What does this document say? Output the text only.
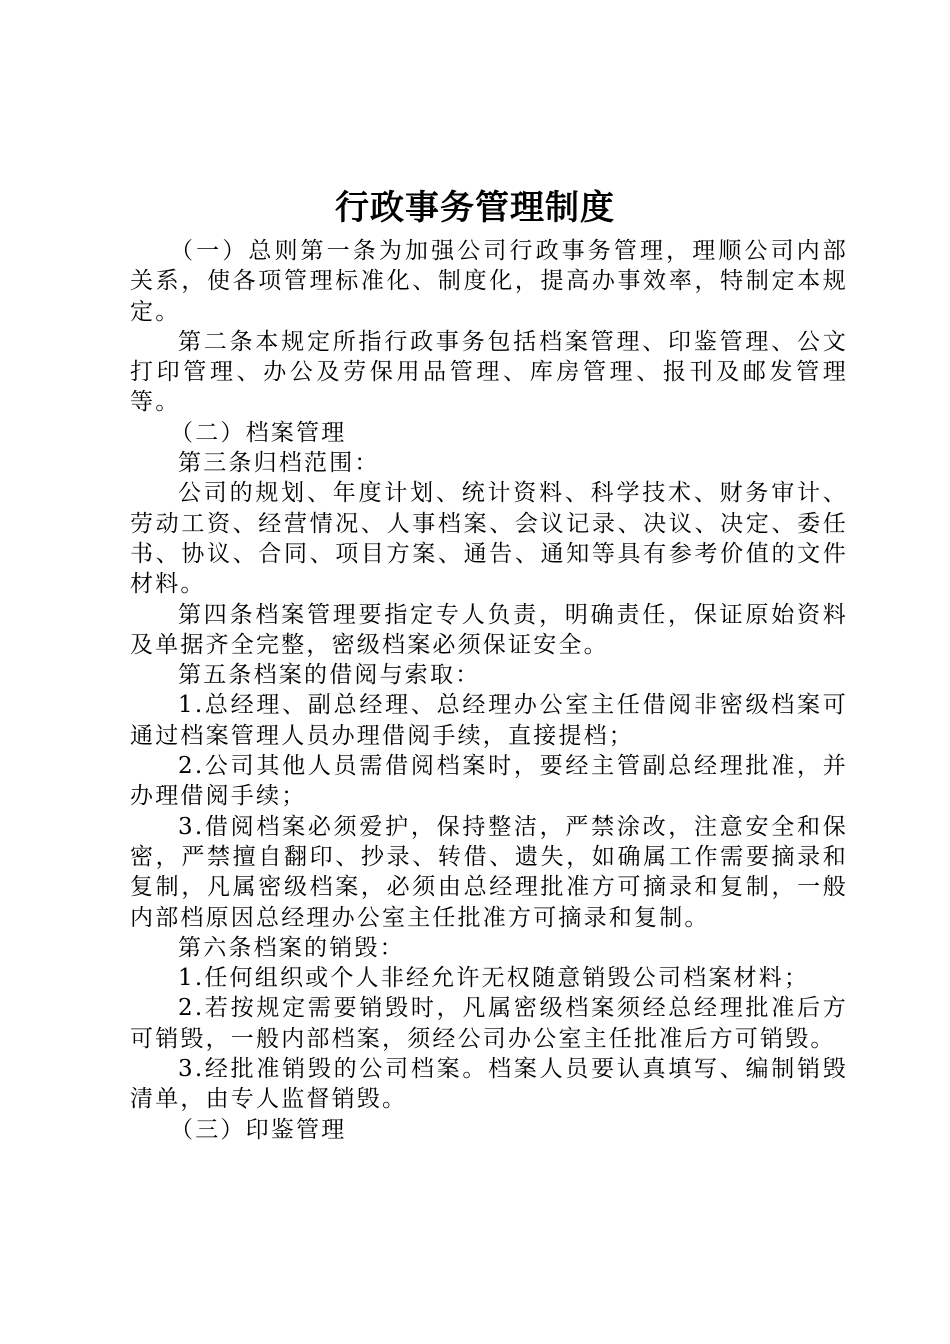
行政事务管理制度

（一）总则第一条为加强公司行政事务管理，理顺公司内部关系，使各项管理标准化、制度化，提高办事效率，特制定本规定。

第二条本规定所指行政事务包括档案管理、印鉴管理、公文打印管理、办公及劳保用品管理、库房管理、报刊及邮发管理等。

（二）档案管理

第三条归档范围：

公司的规划、年度计划、统计资料、科学技术、财务审计、劳动工资、经营情况、人事档案、会议记录、决议、决定、委任书、协议、合同、项目方案、通告、通知等具有参考价值的文件材料。

第四条档案管理要指定专人负责，明确责任，保证原始资料及单据齐全完整，密级档案必须保证安全。

第五条档案的借阅与索取：

1.总经理、副总经理、总经理办公室主任借阅非密级档案可通过档案管理人员办理借阅手续，直接提档；

2.公司其他人员需借阅档案时，要经主管副总经理批准，并办理借阅手续；

3.借阅档案必须爱护，保持整洁，严禁涂改，注意安全和保密，严禁擅自翻印、抄录、转借、遗失，如确属工作需要摘录和复制，凡属密级档案，必须由总经理批准方可摘录和复制，一般内部档原因总经理办公室主任批准方可摘录和复制。

第六条档案的销毁：

1.任何组织或个人非经允许无权随意销毁公司档案材料；

2.若按规定需要销毁时，凡属密级档案须经总经理批准后方可销毁，一般内部档案，须经公司办公室主任批准后方可销毁。

3.经批准销毁的公司档案。档案人员要认真填写、编制销毁清单，由专人监督销毁。

（三）印鉴管理
